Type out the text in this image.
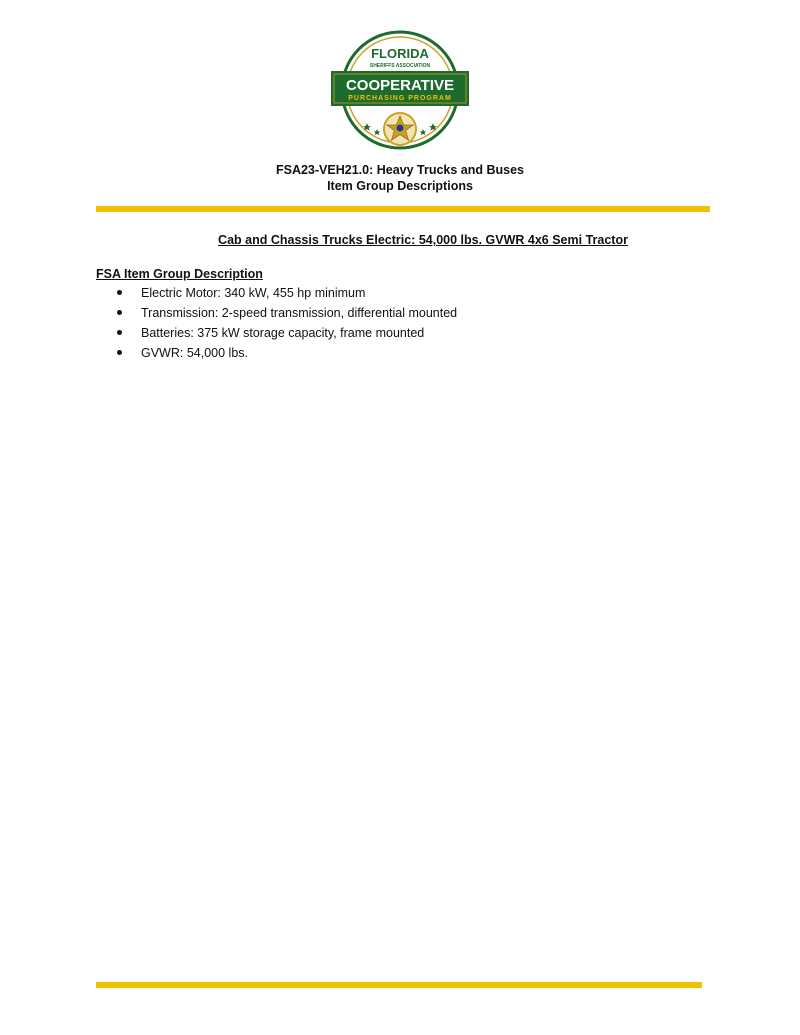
FLORIDA
SHERIFFS ASSOCIATION
COOPERATIVE
PURCHASING PROGRAM
FSA23-VEH21.0: Heavy Trucks and Buses
Item Group Descriptions
Cab and Chassis Trucks Electric: 54,000 lbs. GVWR 4x6 Semi Tractor
FSA Item Group Description
Electric Motor: 340 kW, 455 hp minimum
Transmission: 2-speed transmission, differential mounted
Batteries: 375 kW storage capacity, frame mounted
GVWR: 54,000 lbs.
